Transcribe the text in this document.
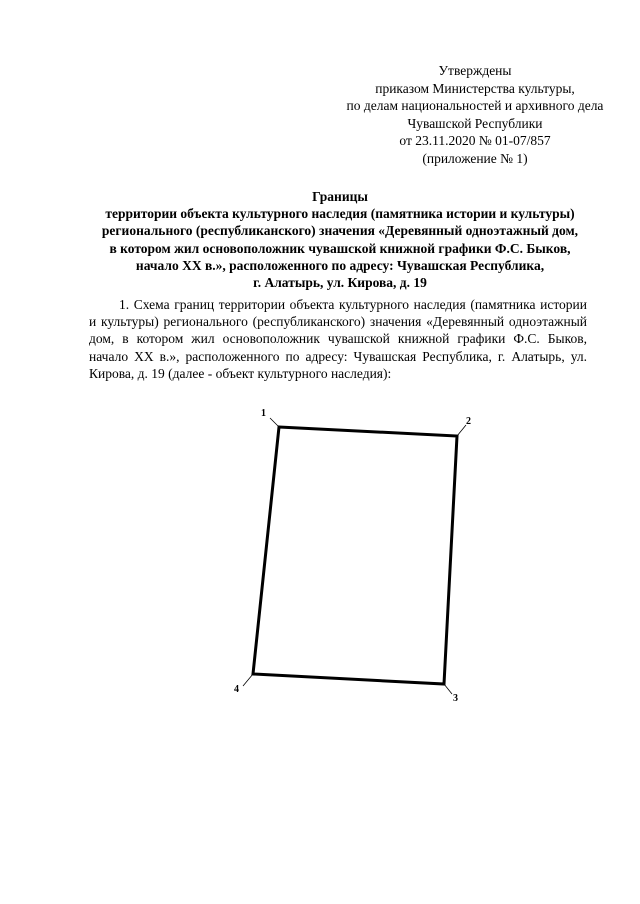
Утверждены
приказом Министерства культуры,
по делам национальностей и архивного дела
Чувашской Республики
от 23.11.2020 № 01-07/857
(приложение № 1)
Границы
территории объекта культурного наследия (памятника истории и культуры)
регионального (республиканского) значения «Деревянный одноэтажный дом,
в котором жил основоположник чувашской книжной графики Ф.С. Быков,
начало XX в.», расположенного по адресу: Чувашская Республика,
г. Алатырь, ул. Кирова, д. 19

1. Схема границ территории объекта культурного наследия (памятника истории и культуры) регионального (республиканского) значения «Деревянный одноэтажный дом, в котором жил основоположник чувашской книжной графики Ф.С. Быков, начало XX в.», расположенного по адресу: Чувашская Республика, г. Алатырь, ул. Кирова, д. 19 (далее - объект культурного наследия):

1
2
3
4
